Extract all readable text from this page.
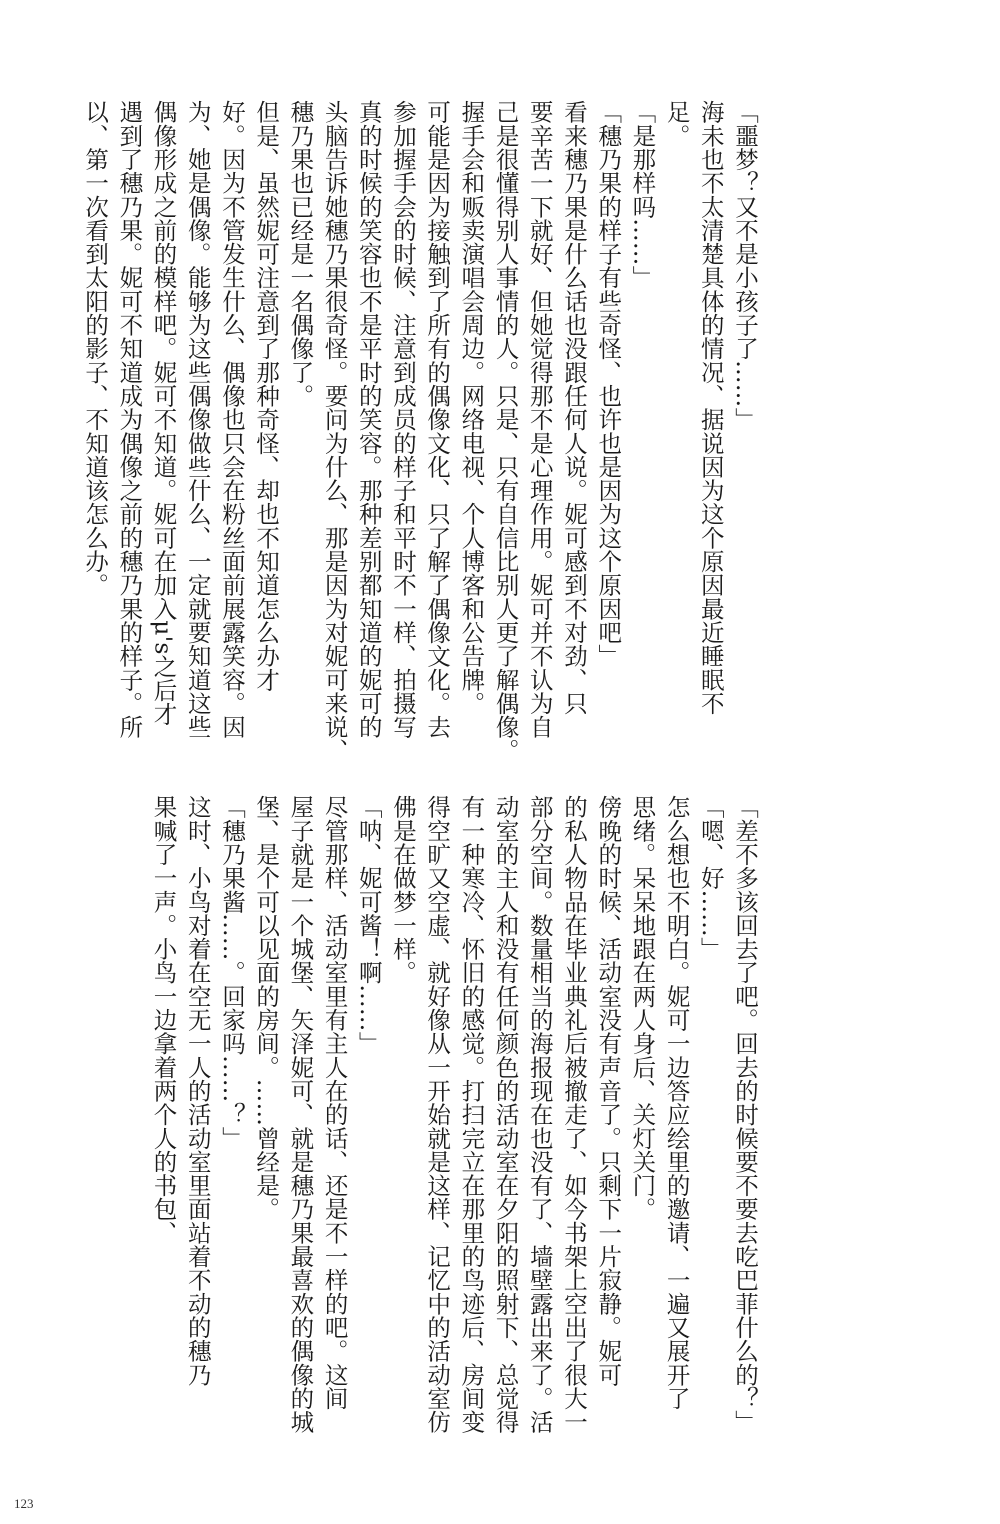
「噩梦？又不是小孩子了……」
海未也不太清楚具体的情况、据说因为这个原因最近睡眠不
足。
「是那样吗……」
「穗乃果的样子有些奇怪、也许也是因为这个原因吧」
看来穗乃果是什么话也没跟任何人说。妮可感到不对劲、只
要辛苦一下就好、但她觉得那不是心理作用。妮可并不认为自
己是很懂得别人事情的人。只是、只有自信比别人更了解偶像。
握手会和贩卖演唱会周边。网络电视、个人博客和公告牌。
可能是因为接触到了所有的偶像文化、只了解了偶像文化。去
参加握手会的时候、注意到成员的样子和平时不一样、拍摄写
真的时候的笑容也不是平时的笑容。那种差别都知道的妮可的
头脑告诉她穗乃果很奇怪。要问为什么、那是因为对妮可来说、
穗乃果也已经是一名偶像了。
但是、虽然妮可注意到了那种奇怪、却也不知道怎么办才
好。因为不管发生什么、偶像也只会在粉丝面前展露笑容。因
为、她是偶像。能够为这些偶像做些什么、一定就要知道这些
偶像形成之前的模样吧。妮可不知道。妮可在加入μ's之后才
遇到了穗乃果。妮可不知道成为偶像之前的穗乃果的样子。所
以、第一次看到太阳的影子、不知道该怎么办。
「差不多该回去了吧。回去的时候要不要去吃巴菲什么的？」
「嗯、好……」
怎么想也不明白。妮可一边答应绘里的邀请、一遍又展开了
思绪。呆呆地跟在两人身后、关灯关门。
傍晚的时候、活动室没有声音了。只剩下一片寂静。妮可
的私人物品在毕业典礼后被撤走了、如今书架上空出了很大一
部分空间。数量相当的海报现在也没有了、墙壁露出来了。活
动室的主人和没有任何颜色的活动室在夕阳的照射下、总觉得
有一种寒冷、怀旧的感觉。打扫完立在那里的鸟迹后、房间变
得空旷又空虚、就好像从一开始就是这样、记忆中的活动室仿
佛是在做梦一样。
「呐、妮可酱！啊……」
尽管那样、活动室里有主人在的话、还是不一样的吧。这间
屋子就是一个城堡、矢泽妮可、就是穗乃果最喜欢的偶像的城
堡、是个可以见面的房间。……曾经是。
「穗乃果酱……。回家吗……？」
这时、小鸟对着在空无一人的活动室里面站着不动的穗乃
果喊了一声。小鸟一边拿着两个人的书包、
123
